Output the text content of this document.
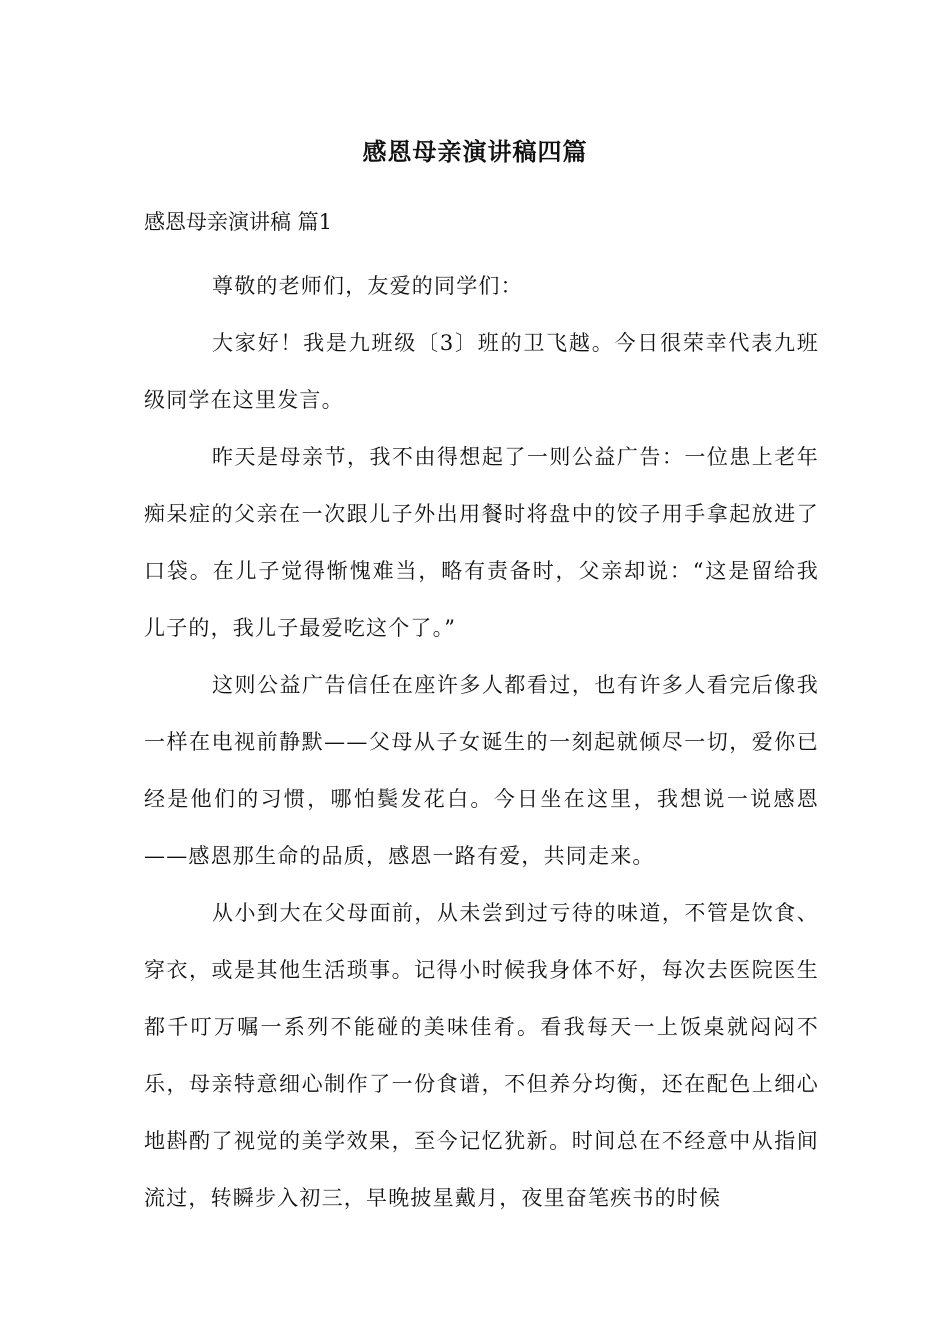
感恩母亲演讲稿四篇
感恩母亲演讲稿 篇1

尊敬的老师们，友爱的同学们：

大家好！我是九班级〔3〕班的卫飞越。今日很荣幸代表九班级同学在这里发言。

昨天是母亲节，我不由得想起了一则公益广告：一位患上老年痴呆症的父亲在一次跟儿子外出用餐时将盘中的饺子用手拿起放进了口袋。在儿子觉得惭愧难当，略有责备时，父亲却说：“这是留给我儿子的，我儿子最爱吃这个了。”

这则公益广告信任在座许多人都看过，也有许多人看完后像我一样在电视前静默——父母从子女诞生的一刻起就倾尽一切，爱你已经是他们的习惯，哪怕鬓发花白。今日坐在这里，我想说一说感恩——感恩那生命的品质，感恩一路有爱，共同走来。

从小到大在父母面前，从未尝到过亏待的味道，不管是饮食、穿衣，或是其他生活琐事。记得小时候我身体不好，每次去医院医生都千叮万嘱一系列不能碰的美味佳肴。看我每天一上饭桌就闷闷不乐，母亲特意细心制作了一份食谱，不但养分均衡，还在配色上细心地斟酌了视觉的美学效果，至今记忆犹新。时间总在不经意中从指间流过，转瞬步入初三，早晚披星戴月，夜里奋笔疾书的时候
